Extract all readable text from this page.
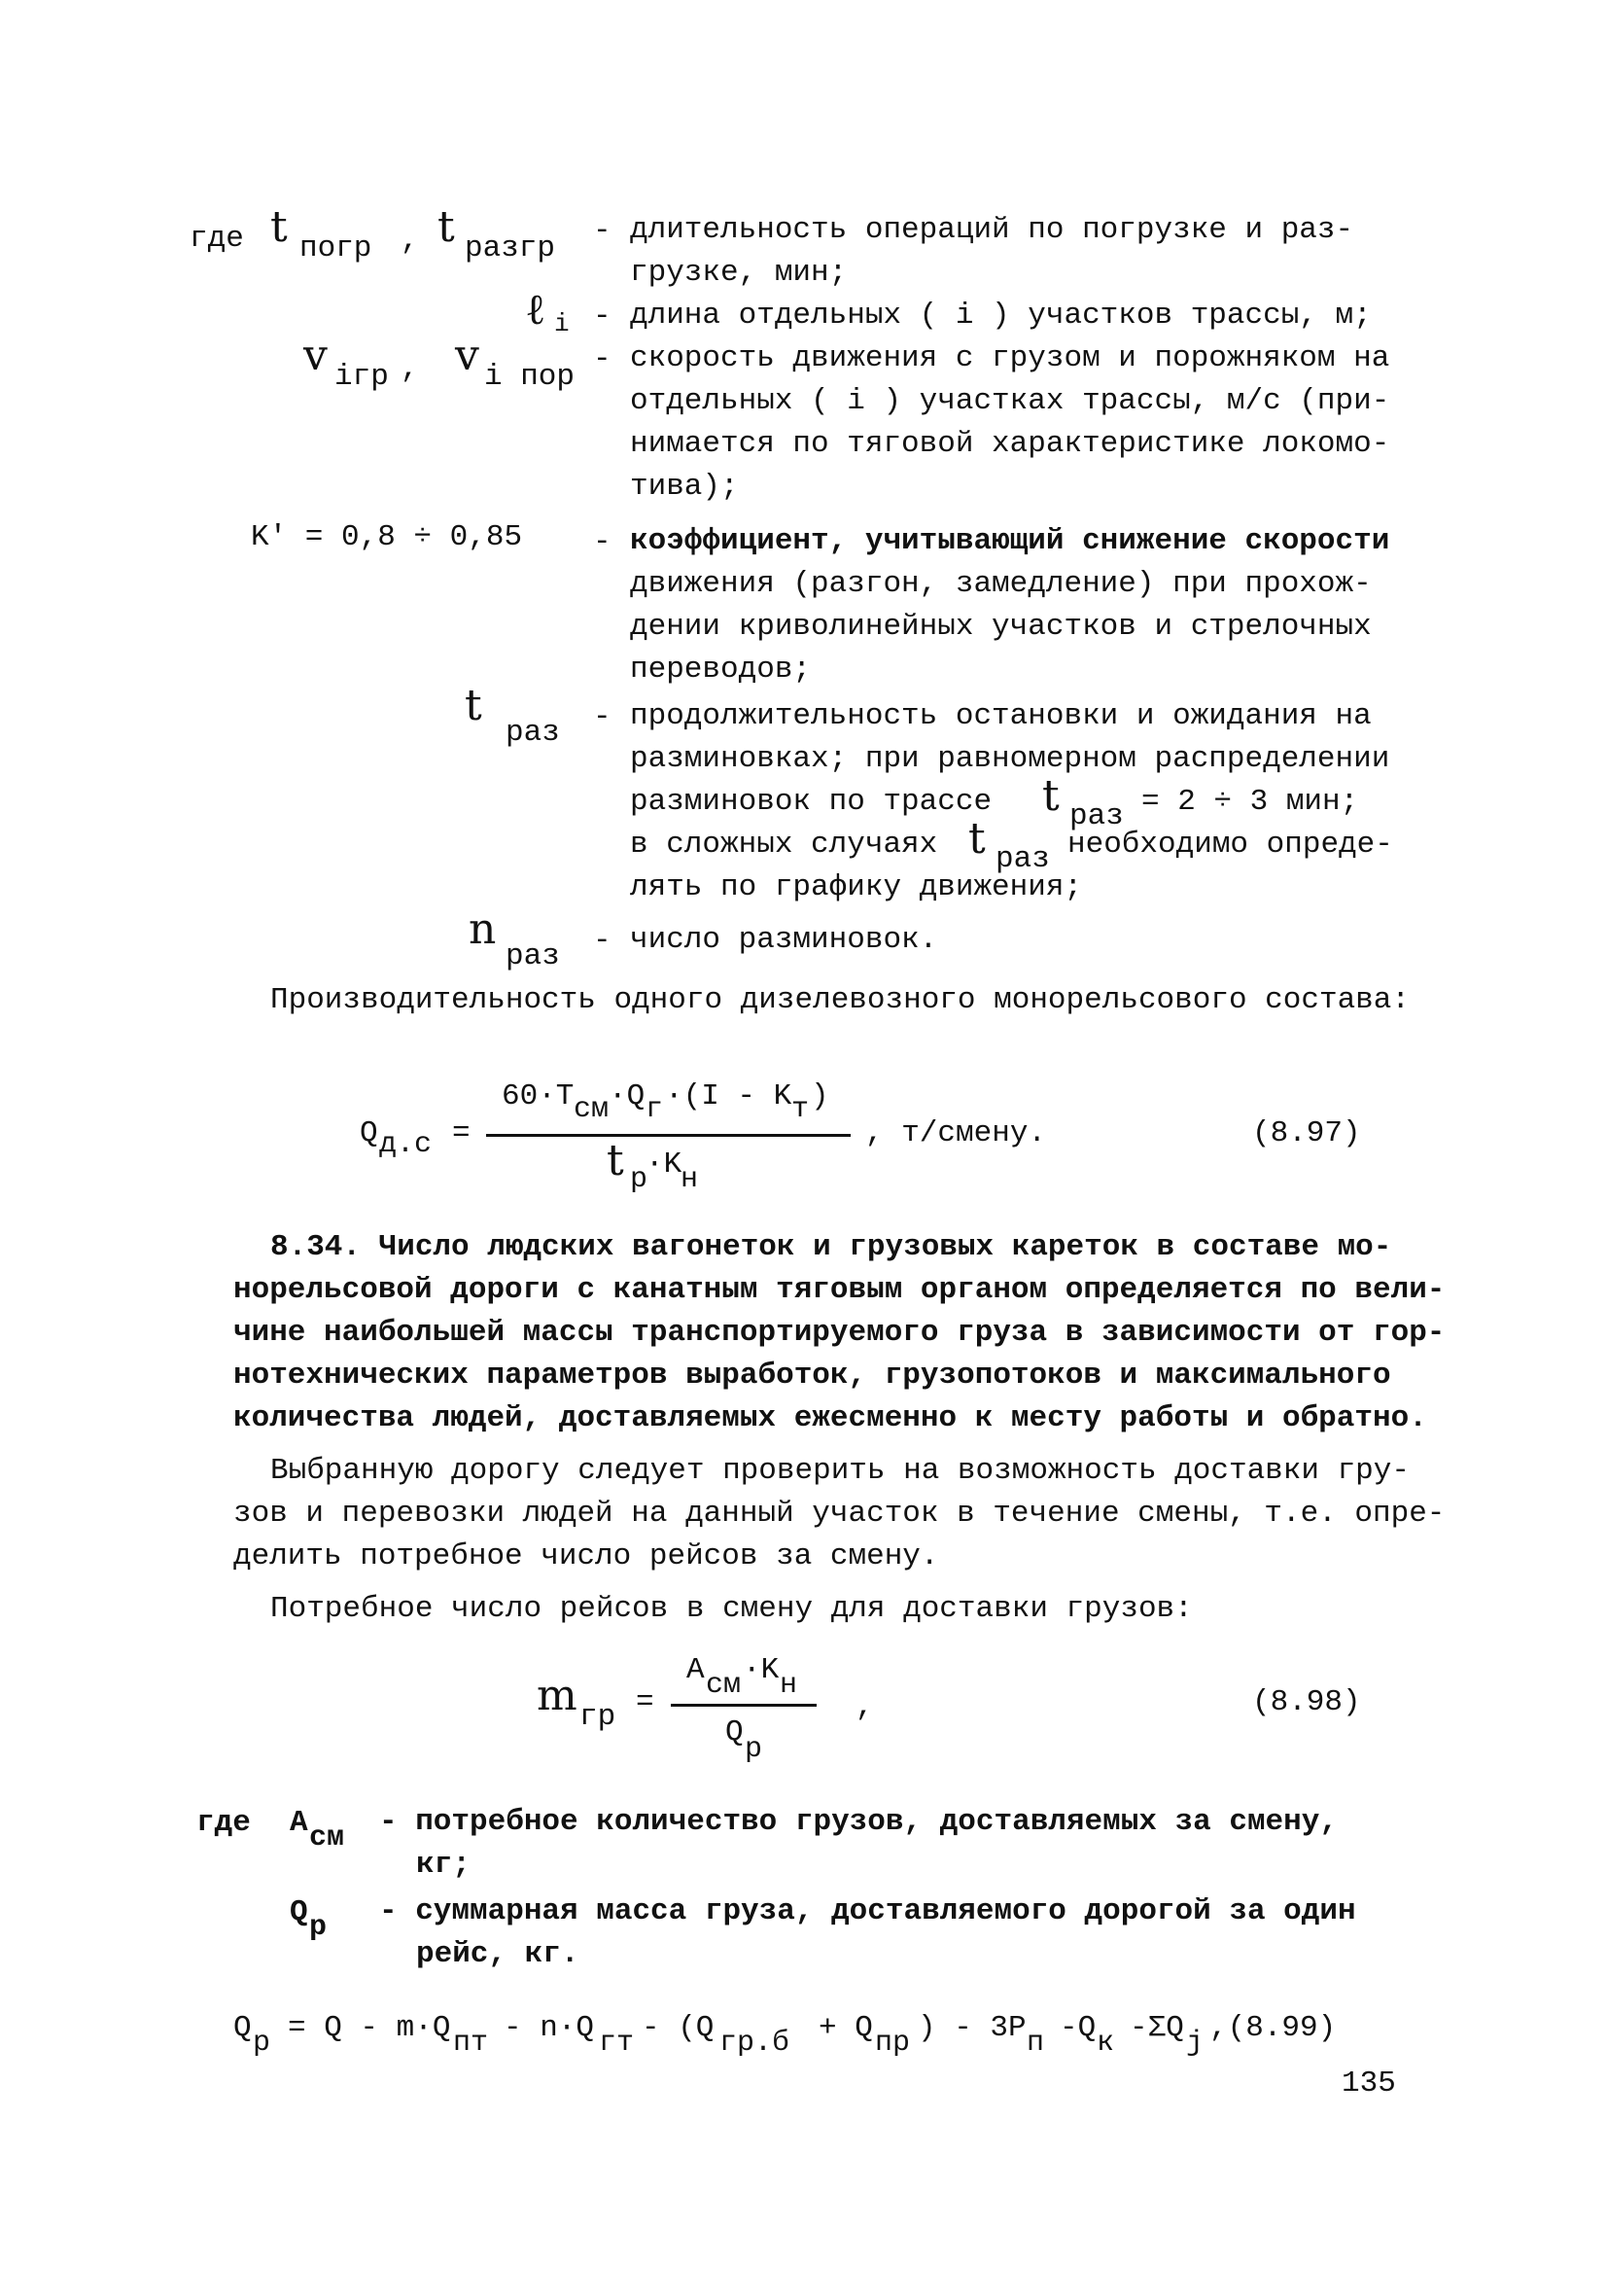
где t погр , t разгр
- длительность операций по погрузке и раз-
грузке, мин;
ℓ i - длина отдельных ( i ) участков трассы, м;
v iгр , v i пор
- скорость движения с грузом и порожняком на
отдельных ( i ) участках трассы, м/с (при-
нимается по тяговой характеристике локомо-
тива);
K' = 0,8 ÷ 0,85 - коэффициент, учитывающий снижение скорости
движения (разгон, замедление) при прохож-
дении криволинейных участков и стрелочных
переводов;
t
раз - продолжительность остановки и ожидания на
разминовках; при равномерном распределении
разминовок по трассе t раз = 2 ÷ 3 мин;
в сложных случаях t раз необходимо опреде-
лять по графику движения;
n
раз - число разминовок.
Производительность одного дизелевозного монорельсового состава:
Q д.с =
60·T см ·Q г ·(I - K т )
t р
·K
н
, т/смену.	(8.97)
8.34. Число людских вагонеток и грузовых кареток в составе мо-
норельсовой дороги с канатным тяговым органом определяется по вели-
чине наибольшей массы транспортируемого груза в зависимости от гор-
нотехнических параметров выработок, грузопотоков и максимального
количества людей, доставляемых ежесменно к месту работы и обратно.
Выбранную дорогу следует проверить на возможность доставки гру-
зов и перевозки людей на данный участок в течение смены, т.е. опре-
делить потребное число рейсов за смену.
Потребное число рейсов в смену для доставки грузов:
m гр =
A см ·K н
Q р
,	(8.98)
где A см - потребное количество грузов, доставляемых за смену,
кг;
Q р - суммарная масса груза, доставляемого дорогой за один
рейс, кг.
Q р = Q - m·Q пт - n·Q гт - (Q гр.б + Q пр ) - 3P п -Q к -ΣQ j ,(8.99)
135
